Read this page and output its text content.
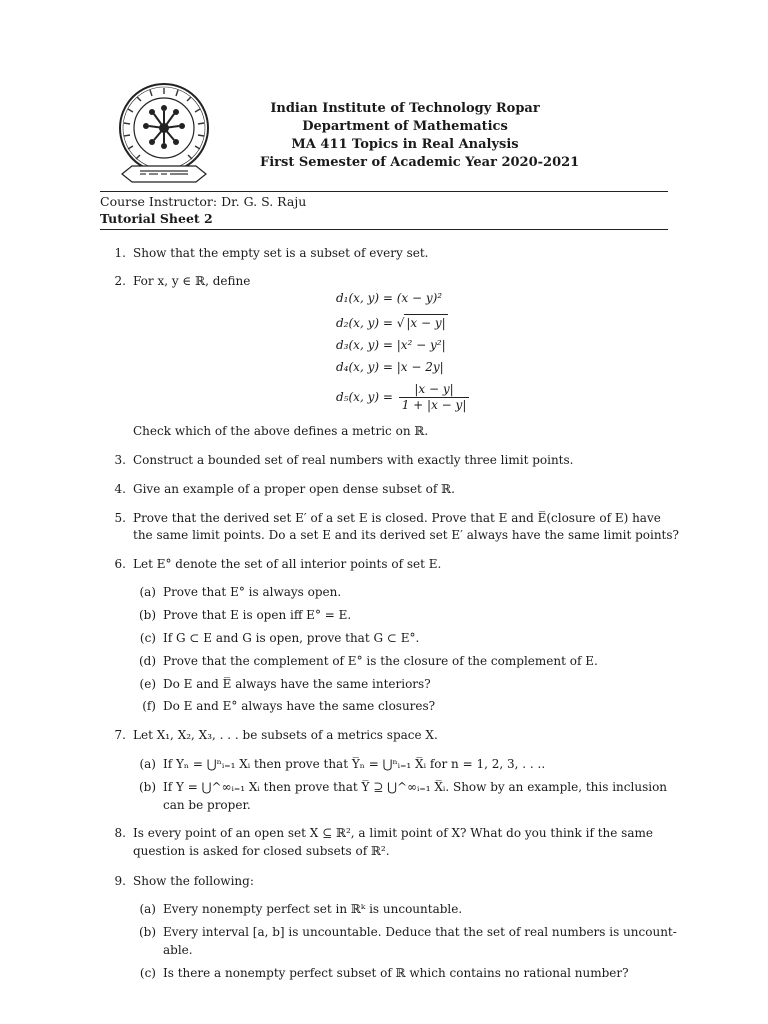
Indian Institute of Technology Ropar
Department of Mathematics
MA 411 Topics in Real Analysis
First Semester of Academic Year 2020-2021
Course Instructor: Dr. G. S. Raju
Tutorial Sheet 2
1. Show that the empty set is a subset of every set.
2. For x, y ∈ ℝ, define
d₁(x, y) = (x − y)²
d₂(x, y) = √ |x − y|
d₃(x, y) = |x² − y²|
d₄(x, y) = |x − 2y|
d₅(x, $y) = \frac{|x - y|}{1 + |x - y|}$
Check which of the above defines a metric on ℝ.
3. Construct a bounded set of real numbers with exactly three limit points.
4. Give an example of a proper open dense subset of ℝ.
5. Prove that the derived set E′ of a set E is closed. Prove that E and E̅(closure of E) have
the same limit points. Do a set E and its derived set E′ always have the same limit points?
6. Let E° denote the set of all interior points of set E.
(a) Prove that E° is always open.
(b) Prove that E is open iff E° = E.
(c) If G ⊂ E and G is open, prove that G ⊂ E°.
(d) Prove that the complement of E° is the closure of the complement of E.
(e) Do E and E̅ always have the same interiors?
(f) Do E and E° always have the same closures?
7. Let X₁, X₂, X₃, . . . be subsets of a metrics space X.
(a) If Yₙ = ⋃ⁿᵢ₌₁ Xᵢ then prove that Y̅ₙ = ⋃ⁿᵢ₌₁ X̅ᵢ for n = 1, 2, 3, . . ..
(b) If Y = ⋃^∞ᵢ₌₁ Xᵢ then prove that Y̅ ⊇ ⋃^∞ᵢ₌₁ X̅ᵢ. Show by an example, this inclusion
can be proper.
8. Is every point of an open set X ⊆ ℝ², a limit point of X? What do you think if the same
question is asked for closed subsets of ℝ².
9. Show the following:
(a) Every nonempty perfect set in ℝᵏ is uncountable.
(b) Every interval [a, b] is uncountable. Deduce that the set of real numbers is uncount-
able.
(c) Is there a nonempty perfect subset of ℝ which contains no rational number?
